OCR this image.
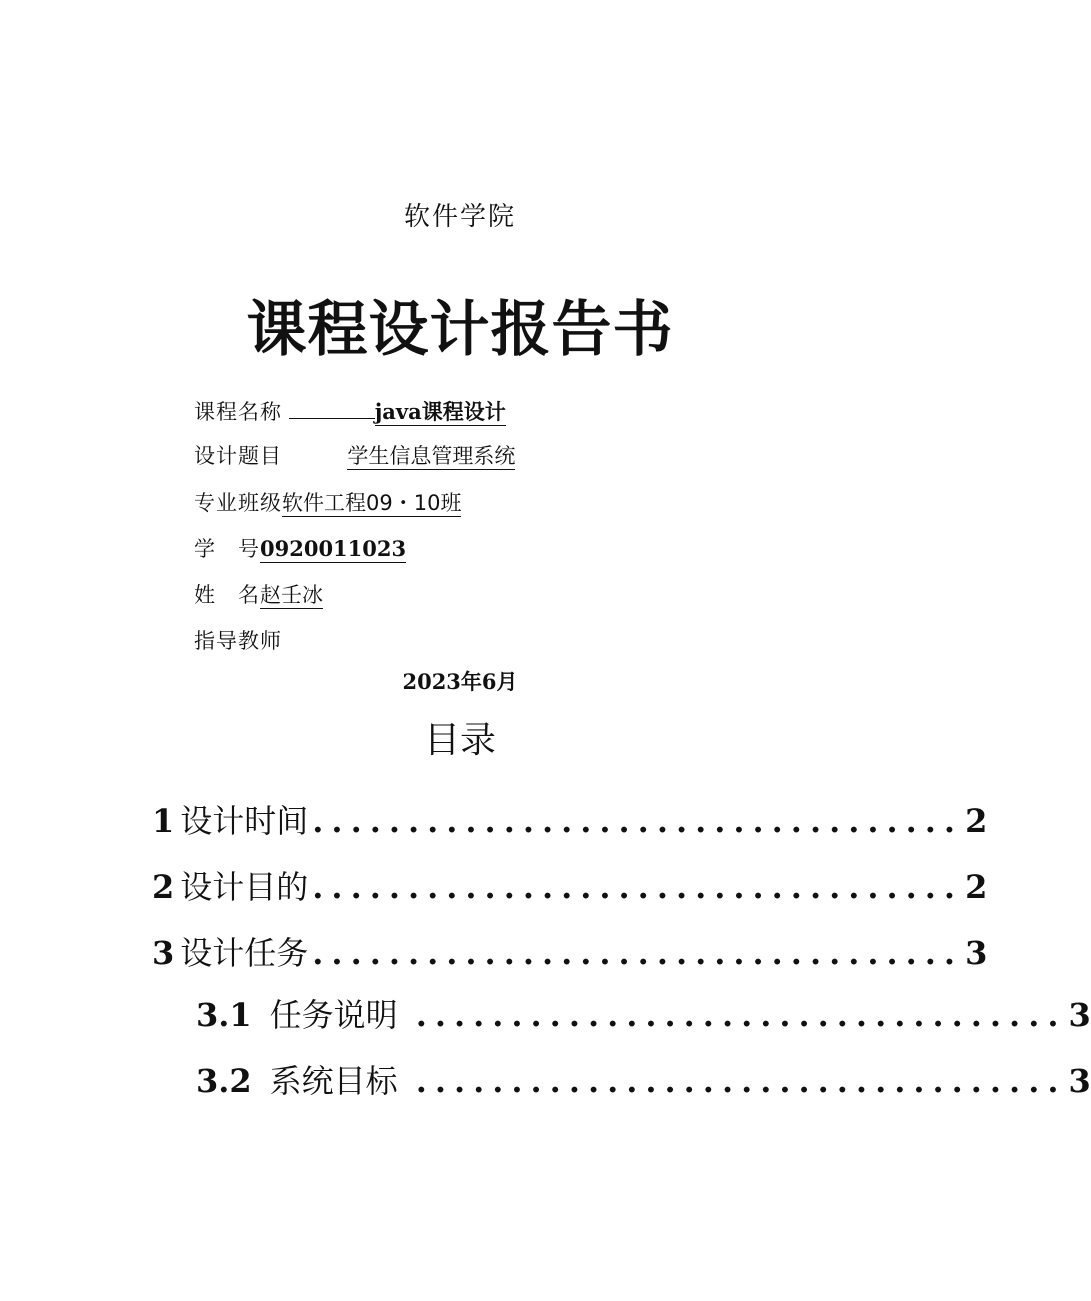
软件学院
课程设计报告书
课程名称	java课程设计
设计题目	学生信息管理系统
专业班级软件工程09・10班
学　号0920011023
姓　名赵壬冰
指导教师
2023年6月
目录
1 设计时间 .................................. 2
2 设计目的 .................................. 2
3 设计任务 .................................. 3
3.1 任务说明 .................................. 3
3.2 系统目标 .................................. 3
